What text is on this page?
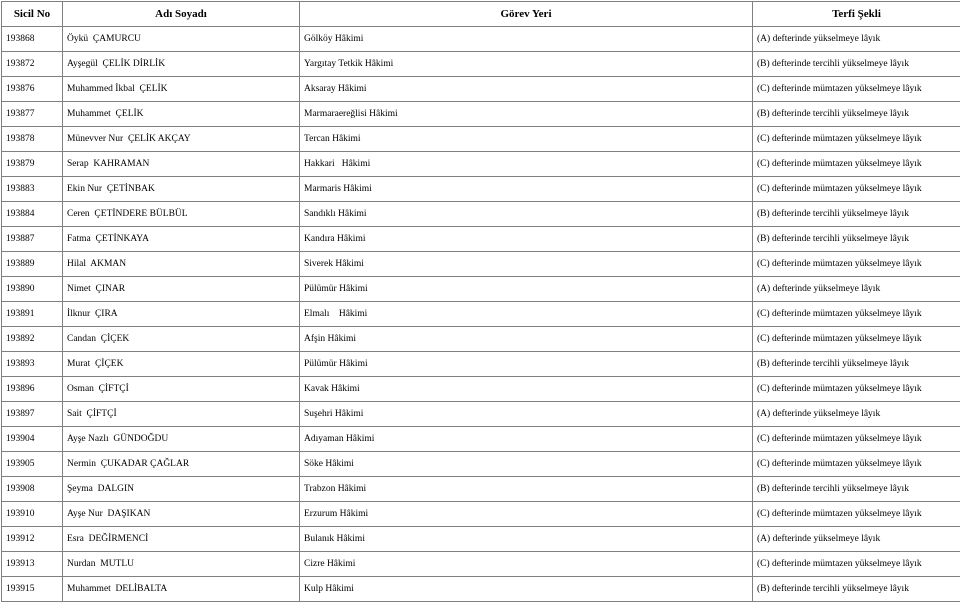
Sicil No	Adı Soyadı	Görev Yeri	Terfi Şekli
193868	Öykü  ÇAMURCU	Gölköy Hâkimi	(A) defterinde yükselmeye lâyık
193872	Ayşegül  ÇELİK DİRLİK	Yargıtay Tetkik Hâkimi	(B) defterinde tercihli yükselmeye lâyık
193876	Muhammed İkbal  ÇELİK	Aksaray Hâkimi	(C) defterinde mümtazen yükselmeye lâyık
193877	Muhammet  ÇELİK	Marmaraereğlisi Hâkimi	(B) defterinde tercihli yükselmeye lâyık
193878	Münevver Nur  ÇELİK AKÇAY	Tercan Hâkimi	(C) defterinde mümtazen yükselmeye lâyık
193879	Serap  KAHRAMAN	Hakkari   Hâkimi	(C) defterinde mümtazen yükselmeye lâyık
193883	Ekin Nur  ÇETİNBAK	Marmaris Hâkimi	(C) defterinde mümtazen yükselmeye lâyık
193884	Ceren  ÇETİNDERE BÜLBÜL	Sandıklı Hâkimi	(B) defterinde tercihli yükselmeye lâyık
193887	Fatma  ÇETİNKAYA	Kandıra Hâkimi	(B) defterinde tercihli yükselmeye lâyık
193889	Hilal  AKMAN	Siverek Hâkimi	(C) defterinde mümtazen yükselmeye lâyık
193890	Nimet  ÇINAR	Pülümür Hâkimi	(A) defterinde yükselmeye lâyık
193891	İlknur  ÇIRA	Elmalı    Hâkimi	(C) defterinde mümtazen yükselmeye lâyık
193892	Candan  ÇİÇEK	Afşin Hâkimi	(C) defterinde mümtazen yükselmeye lâyık
193893	Murat  ÇİÇEK	Pülümür Hâkimi	(B) defterinde tercihli yükselmeye lâyık
193896	Osman  ÇİFTÇİ	Kavak Hâkimi	(C) defterinde mümtazen yükselmeye lâyık
193897	Sait  ÇİFTÇİ	Suşehri Hâkimi	(A) defterinde yükselmeye lâyık
193904	Ayşe Nazlı  GÜNDOĞDU	Adıyaman Hâkimi	(C) defterinde mümtazen yükselmeye lâyık
193905	Nermin  ÇUKADAR ÇAĞLAR	Söke Hâkimi	(C) defterinde mümtazen yükselmeye lâyık
193908	Şeyma  DALGIN	Trabzon Hâkimi	(B) defterinde tercihli yükselmeye lâyık
193910	Ayşe Nur  DAŞIKAN	Erzurum Hâkimi	(C) defterinde mümtazen yükselmeye lâyık
193912	Esra  DEĞİRMENCİ	Bulanık Hâkimi	(A) defterinde yükselmeye lâyık
193913	Nurdan  MUTLU	Cizre Hâkimi	(C) defterinde mümtazen yükselmeye lâyık
193915	Muhammet  DELİBALTA	Kulp Hâkimi	(B) defterinde tercihli yükselmeye lâyık
